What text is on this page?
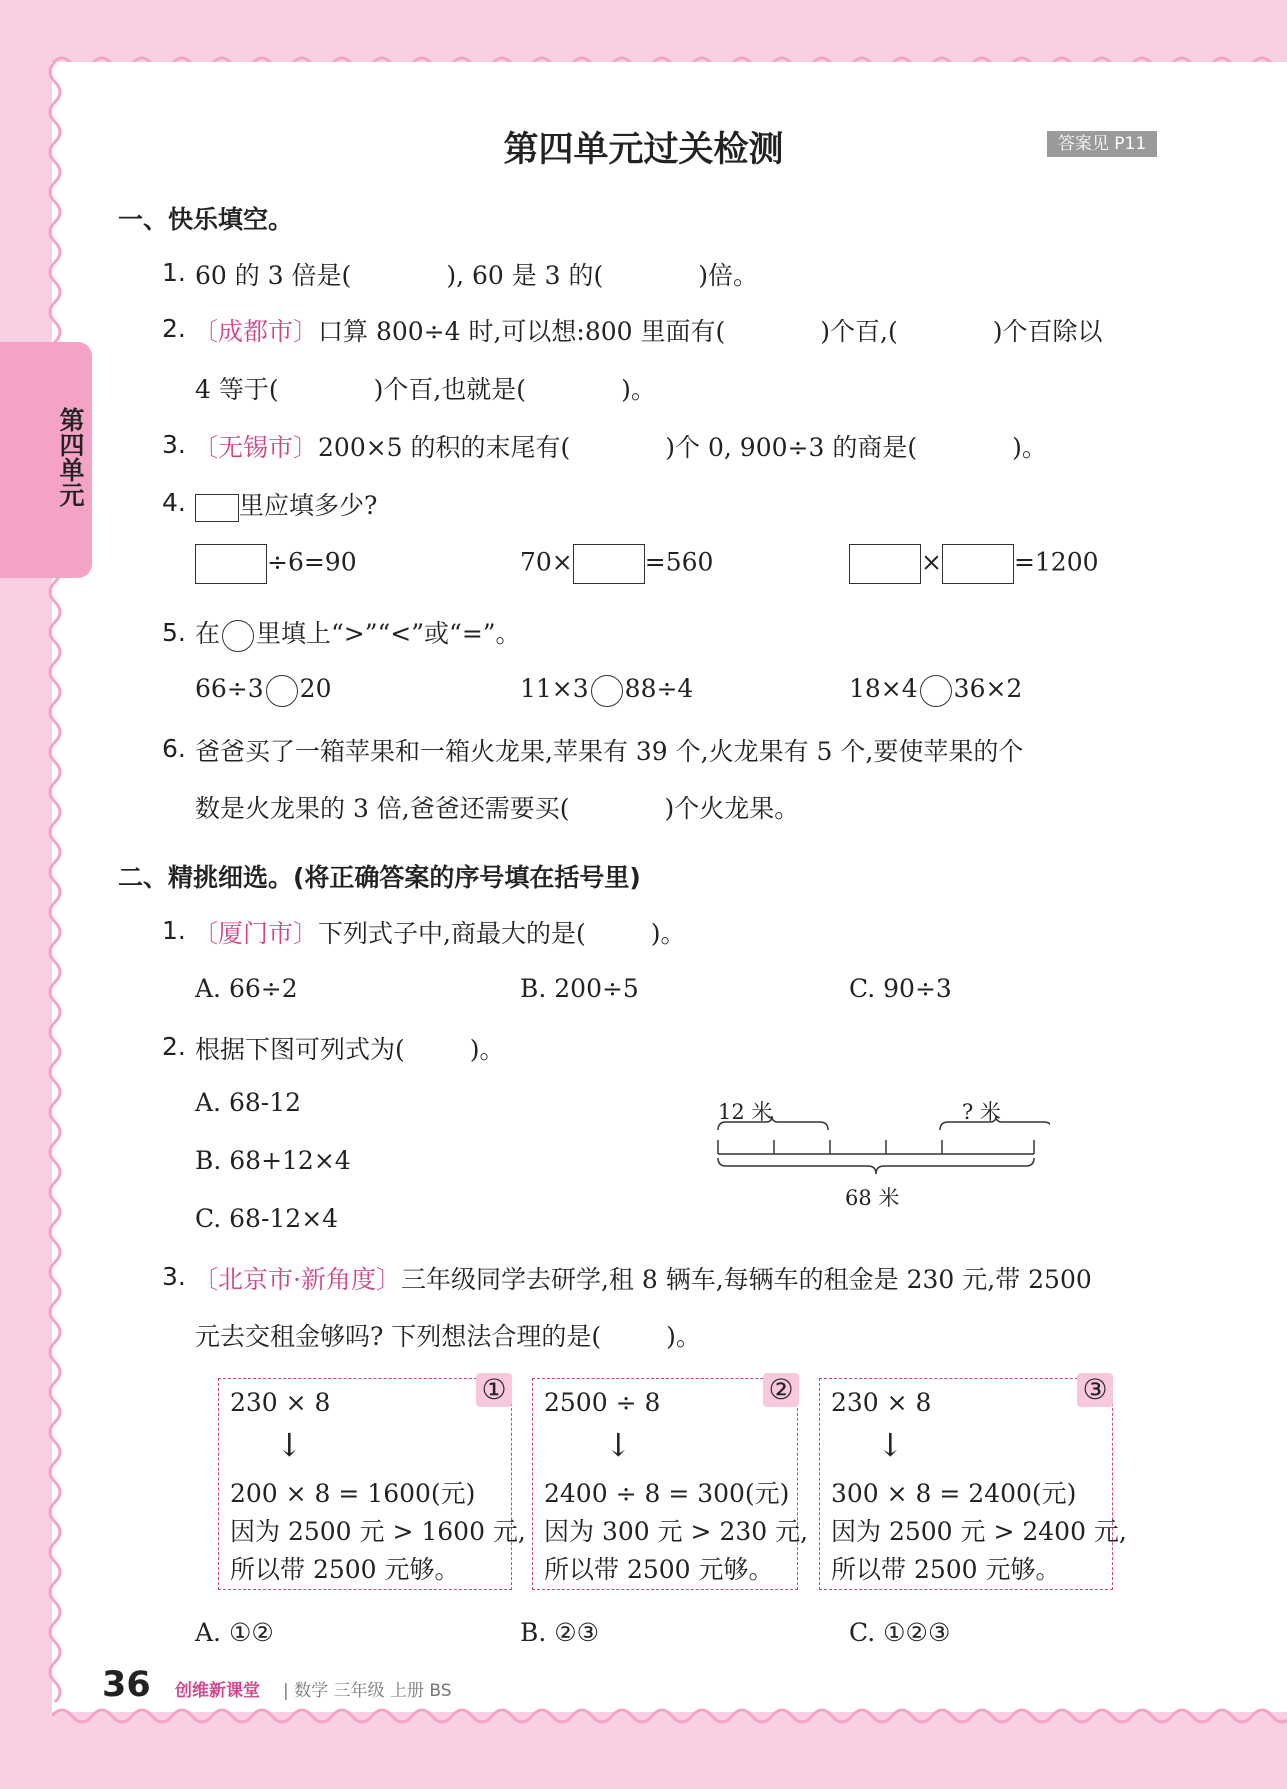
第四单元
第四单元过关检测	答案见 P11
一、快乐填空。
1. 60 的 3 倍是(	), 60 是 3 的(	)倍。
2. 〔成都市〕口算 800÷4 时,可以想:800 里面有(	)个百,(	)个百除以
4 等于(	)个百,也就是(	)。
3. 〔无锡市〕200×5 的积的末尾有(	)个 0, 900÷3 的商是(	)。
4.	里应填多少?
÷6=90	70×	=560	×	=1200
5. 在 里填上“>”“<”或“=”。
66÷3 20	11×3 88÷4	18×4 36×2
6. 爸爸买了一箱苹果和一箱火龙果,苹果有 39 个,火龙果有 5 个,要使苹果的个
数是火龙果的 3 倍,爸爸还需要买(	)个火龙果。
二、精挑细选。(将正确答案的序号填在括号里)
1. 〔厦门市〕下列式子中,商最大的是(	)。
A. 66÷2	B. 200÷5	C. 90÷3
2. 根据下图可列式为(	)。
A. 68-12
B. 68+12×4
C. 68-12×4
12 米	? 米
68 米
3. 〔北京市·新角度〕三年级同学去研学,租 8 辆车,每辆车的租金是 230 元,带 2500
元去交租金够吗? 下列想法合理的是(	)。
①
230 × 8
↓
200 × 8 = 1600(元)
因为 2500 元 > 1600 元,
所以带 2500 元够。
②
2500 ÷ 8
↓
2400 ÷ 8 = 300(元)
因为 300 元 > 230 元,
所以带 2500 元够。
③
230 × 8
↓
300 × 8 = 2400(元)
因为 2500 元 > 2400 元,
所以带 2500 元够。
A. ①②	B. ②③	C. ①②③
36 创维新课堂 | 数学 三年级 上册 BS
